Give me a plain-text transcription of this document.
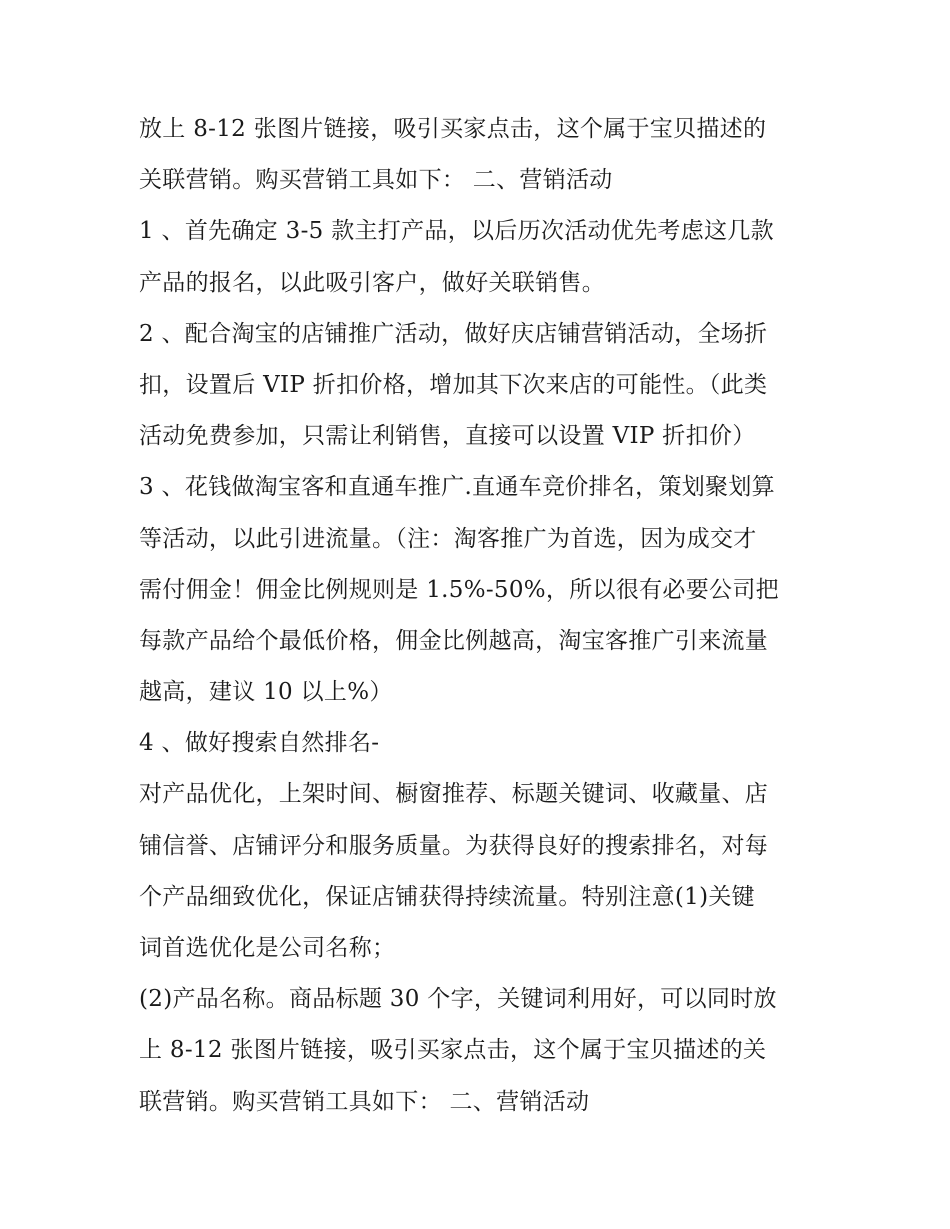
放上 8-12 张图片链接，吸引买家点击，这个属于宝贝描述的
关联营销。购买营销工具如下： 二、营销活动
1 、首先确定 3-5 款主打产品，以后历次活动优先考虑这几款
产品的报名，以此吸引客户，做好关联销售。
2 、配合淘宝的店铺推广活动，做好庆店铺营销活动，全场折
扣，设置后 VIP 折扣价格，增加其下次来店的可能性。（此类
活动免费参加，只需让利销售，直接可以设置 VIP 折扣价）
3 、花钱做淘宝客和直通车推广.直通车竞价排名，策划聚划算
等活动，以此引进流量。（注：淘客推广为首选，因为成交才
需付佣金！佣金比例规则是 1.5%-50%，所以很有必要公司把
每款产品给个最低价格，佣金比例越高，淘宝客推广引来流量
越高，建议 10 以上%）
4 、做好搜索自然排名-
对产品优化，上架时间、橱窗推荐、标题关键词、收藏量、店
铺信誉、店铺评分和服务质量。为获得良好的搜索排名，对每
个产品细致优化，保证店铺获得持续流量。特别注意(1)关键
词首选优化是公司名称；
(2)产品名称。商品标题 30 个字，关键词利用好，可以同时放
上 8-12 张图片链接，吸引买家点击，这个属于宝贝描述的关
联营销。购买营销工具如下： 二、营销活动
